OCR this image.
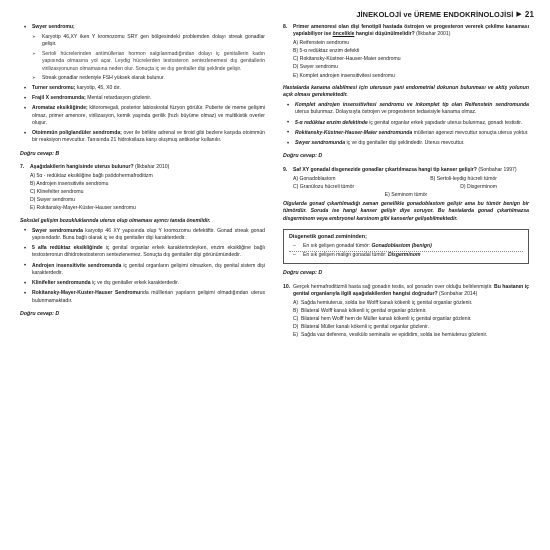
JİNEKOLOJİ ve ÜREME ENDOKRİNOLOJİSİ ▶ 21
• Swyer sendromu;
➢ Karyotip 46,XY iken Y kromozomu SRY gen bölgesindeki problemden dolayı streak gonadlar gelişir.
➢ Sertoli hücrelerinden antimüllerian hormon salgılanmadığından dolayı iç genitallerin kadın yapısında olmasına yol açar. Leydig hücrelerden testosteron sentezlenemesi dış genitallerin virilizasyonunun olmamasına neden olur. Sonuçta iç ve dış genitaller dişi şeklinde gelişir.
➢ Streak gonadlar nedeniyle FSH yüksek olarak bulunur.
• Turner sendromu; karyotip, 45, X0 dır.
• Frajil X sendromunda; Mental retardasyon gözlenir.
• Aromataz eksikliğinde; klitoromegali, posterior labioskrotal füzyon görülür. Puberte de meme gelişimi olmaz, primer amenore, virilizasyon, kemik yaşında gerilik (hızlı büyüme olmaz) ve multikistik overler oluşur.
• Otoimmün poliglandüler sendromda; over ile birlikte adrenal ve tiroid gibi bezlere karşıda otoimmün bir reaksiyon mevcuttur. Tanısında 21 hidroksilaza karşı oluşmuş antikorlar kullanılır.

Doğru cevap: B

7. Aşağıdakilerin hangisinde uterus bulunur? (İlkbahar 2010)
A) 5α - redüktaz eksikliğine bağlı psödohermafroditizm
B) Androjen insensitivite sendromu
C) Klinefelter sendromu
D) Swyer sendromu
E) Rokitansky-Mayer-Küster-Hauser sendromu

Seksüel gelişim bozukluklarında uterus olup olmaması ayırıcı tanıda önemlidir.

• Swyer sendromunda karyotip 46 XY yapısında olup Y kromozomu defektiftir. Gonad streak gonad yapısındadır. Buna bağlı olarak iç ve dış genitaller dişi karakterdedir.
• 5 alfa redüktaz eksikliğinde iç genital organlar erkek karakterindeyken, enzim eksikliğine bağlı testosteronun dihidrotestosteron sentezlenemez. Sonuçta dış genitaller dişi görünümündedir.
• Androjen insensitivite sendromunda iç genital organların gelişimi olmazken, dış genital sistem dişi karakterdedir.
• Klinifelter sendromunda iç ve dış genitaller erkek karakterdedir.
• Rokitansky-Mayer-Kuster-Hauser Sendromunda mülllerian yapıların gelişimi olmadığından uterus bulunmamaktadır.

Doğru cevap: D

8. Primer amenoresi olan dişi fenotipli hastada östrojen ve progesteron vererek çekilme kanaması yapılabiliyor ise öncelikle hangisi düşünülmelidir? (İlkbahar 2001)
A) Reifenstein sendromu
B) 5-α redüktaz enzim defekti
C) Rokitansky-Küstner-Hauser-Maier sendromu
D) Swyer sendromu
E) Komplet androjen insensitivitesi sendromu

Hastalarda kanama olabilmesi için uterusun yani endometrial dokunun bulunması ve aktiş yolunun açık olması gerekmektedir.

• Komplet androjen insensitivitesi sendromu ve inkomplet tip olan Reifenstein sendromunda uterus bulunmaz. Dolayısıyla östrojen ve progesteron tedavisiyle kanama olmaz.
• 5-α redüktaz enzim defektinde iç genital organlar erkek yapıdadır uterus bulunmaz, gonadı testistir.
• Rokitansky-Küstner-Hauser-Maier sendromunda müllerian agenezi mevcuttur sonuçta uterus yoktur.
• Swyer sendromunda iç ve dış genitaller dişi şeklindedir. Uterus mevcuttur.

Doğru cevap: D

9. Saf XY gonadal disgenezide gonadlar çıkartılmazsa hangi tip kanser gelişir? (Sonbahar 1997)
A) Gonadoblastom	B) Sertoli-leydig hücreli tümör
C) Granülozu hücreli tümör	D) Disgerminom
E) Seminom tümör

Olgularda gonad çıkartılmadığı zaman genellikle gonadoblastom gelişir ama bu tümör benign bir tümördür. Soruda ise hangi kanser gelişir diye soruyor. Bu hastalarda gonad çıkartılmazsa disgerminom veya embryonel karsinom gibi kanserler gelişebilmektedir.

Disgenetik gonad zemininden;
– En sık gelişen gonadal tümör: Gonadoblastom (benign)
– En sık gelişen malign gonadal tümör: Disgerminom

Doğru cevap: D

10. Gerçek hermafroditizmli hasta sağ gonadın testis, sol gonadın over olduğu belirlenmiştir. Bu hastanın iç genital organlarıyla ilgili aşağıdakilerden hangisi doğrudur? (Sonbahar 2014)
A) Sağda hemiuterus, solda ise Wolff kanalı kökenli iç genital organlar gözlenir.
B) Bilateral Wolff kanalı kökenli iç genital organlar gözlenir.
C) Bilateral hem Wolff hem de Müller kanalı kökenli iç genital organlar gözlenir.
D) Bilateral Müller kanalı kökenli iç genital organlar gözlenir.
E) Sağda vas deferens, vesikülo seminalis ve epididim, solda ise hemiuterus gözlenir.
